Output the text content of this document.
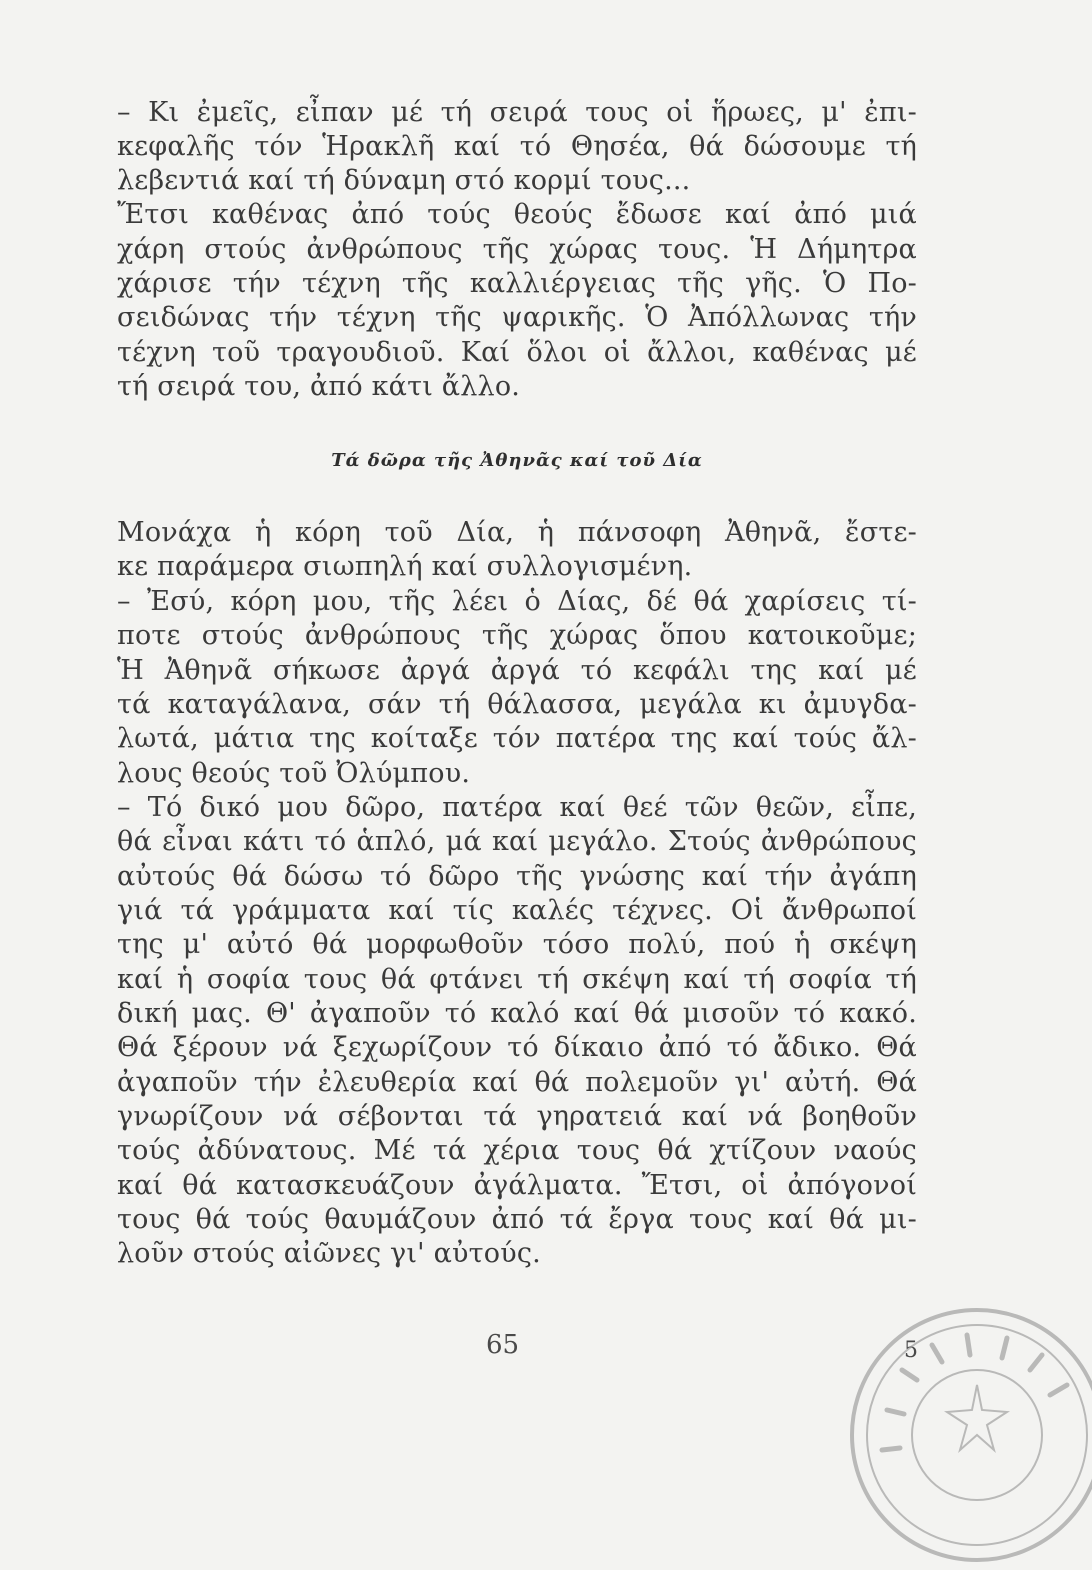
– Κι ἐμεῖς, εἶπαν μέ τή σειρά τους οἱ ἥρωες, μ' ἐπι-
κεφαλῆς τόν Ἡρακλῆ καί τό Θησέα, θά δώσουμε τή
λεβεντιά καί τή δύναμη στό κορμί τους...
Ἔτσι καθένας ἀπό τούς θεούς ἔδωσε καί ἀπό μιά
χάρη στούς ἀνθρώπους τῆς χώρας τους. Ἡ Δήμητρα
χάρισε τήν τέχνη τῆς καλλιέργειας τῆς γῆς. Ὁ Πο-
σειδώνας τήν τέχνη τῆς ψαρικῆς. Ὁ Ἀπόλλωνας τήν
τέχνη τοῦ τραγουδιοῦ. Καί ὅλοι οἱ ἄλλοι, καθένας μέ
τή σειρά του, ἀπό κάτι ἄλλο.
Τά δῶρα τῆς Ἀθηνᾶς καί τοῦ Δία
Μονάχα ἡ κόρη τοῦ Δία, ἡ πάνσοφη Ἀθηνᾶ, ἔστε-
κε παράμερα σιωπηλή καί συλλογισμένη.
– Ἐσύ, κόρη μου, τῆς λέει ὁ Δίας, δέ θά χαρίσεις τί-
ποτε στούς ἀνθρώπους τῆς χώρας ὅπου κατοικοῦμε;
Ἡ Ἀθηνᾶ σήκωσε ἀργά ἀργά τό κεφάλι της καί μέ
τά καταγάλανα, σάν τή θάλασσα, μεγάλα κι ἀμυγδα-
λωτά, μάτια της κοίταξε τόν πατέρα της καί τούς ἄλ-
λους θεούς τοῦ Ὀλύμπου.
– Τό δικό μου δῶρο, πατέρα καί θεέ τῶν θεῶν, εἶπε,
θά εἶναι κάτι τό ἁπλό, μά καί μεγάλο. Στούς ἀνθρώπους
αὐτούς θά δώσω τό δῶρο τῆς γνώσης καί τήν ἀγάπη
γιά τά γράμματα καί τίς καλές τέχνες. Οἱ ἄνθρωποί
της μ' αὐτό θά μορφωθοῦν τόσο πολύ, πού ἡ σκέψη
καί ἡ σοφία τους θά φτάνει τή σκέψη καί τή σοφία τή
δική μας. Θ' ἀγαποῦν τό καλό καί θά μισοῦν τό κακό.
Θά ξέρουν νά ξεχωρίζουν τό δίκαιο ἀπό τό ἄδικο. Θά
ἀγαποῦν τήν ἐλευθερία καί θά πολεμοῦν γι' αὐτή. Θά
γνωρίζουν νά σέβονται τά γηρατειά καί νά βοηθοῦν
τούς ἀδύνατους. Μέ τά χέρια τους θά χτίζουν ναούς
καί θά κατασκευάζουν ἀγάλματα. Ἔτσι, οἱ ἀπόγονοί
τους θά τούς θαυμάζουν ἀπό τά ἔργα τους καί θά μι-
λοῦν στούς αἰῶνες γι' αὐτούς.
65	5
